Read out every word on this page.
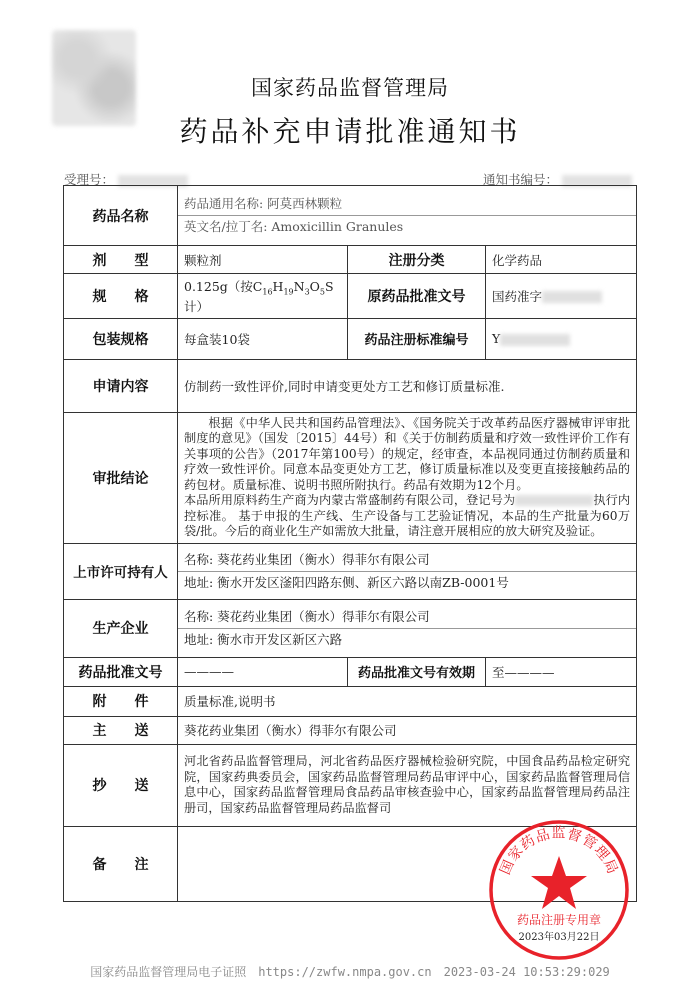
国家药品监督管理局
药品补充申请批准通知书
受理号：	通知书编号：
药品名称	药品通用名称: 阿莫西林颗粒
英文名/拉丁名: Amoxicillin Granules		

剂　　型	颗粒剂	注册分类	化学药品
规　　格	0.125g（按$C_{16}H_{19}N_3O_5S$计）	原药品批准文号	国药准字
包装规格	每盒装10袋	药品注册标准编号	Y
申请内容	仿制药一致性评价,同时申请变更处方工艺和修订质量标准.		
审批结论	根据《中华人民共和国药品管理法》、《国务院关于改革药品医疗器械审评审批制度的意见》（国发〔2015〕44号）和《关于仿制药质量和疗效一致性评价工作有关事项的公告》（2017年第100号）的规定，经审查，本品视同通过仿制药质量和疗效一致性评价。同意本品变更处方工艺，修订质量标准以及变更直接接触药品的药包材。质量标准、说明书照所附执行。药品有效期为12个月。
本品所用原料药生产商为内蒙古常盛制药有限公司，登记号为 执行内控标准。 基于申报的生产线、生产设备与工艺验证情况，本品的生产批量为60万袋/批。今后的商业化生产如需放大批量，请注意开展相应的放大研究及验证。		

上市许可持有人	名称: 葵花药业集团（衡水）得菲尔有限公司
地址: 衡水开发区滏阳四路东侧、新区六路以南ZB-0001号		

生产企业	名称: 葵花药业集团（衡水）得菲尔有限公司
地址: 衡水市开发区新区六路		

药品批准文号	————	药品批准文号有效期	至————
附　　件	质量标准,说明书		
主　　送	葵花药业集团（衡水）得菲尔有限公司		
抄　　送	河北省药品监督管理局，河北省药品医疗器械检验研究院，中国食品药品检定研究院，国家药典委员会，国家药品监督管理局药品审评中心，国家药品监督管理局信息中心，国家药品监督管理局食品药品审核查验中心，国家药品监督管理局药品注册司，国家药品监督管理局药品监督司		
备　　注				国家药品监督管理局
药品注册专用章
2023年03月22日
国家药品监督管理局电子证照　https://zwfw.nmpa.gov.cn　2023-03-24 10:53:29:029
